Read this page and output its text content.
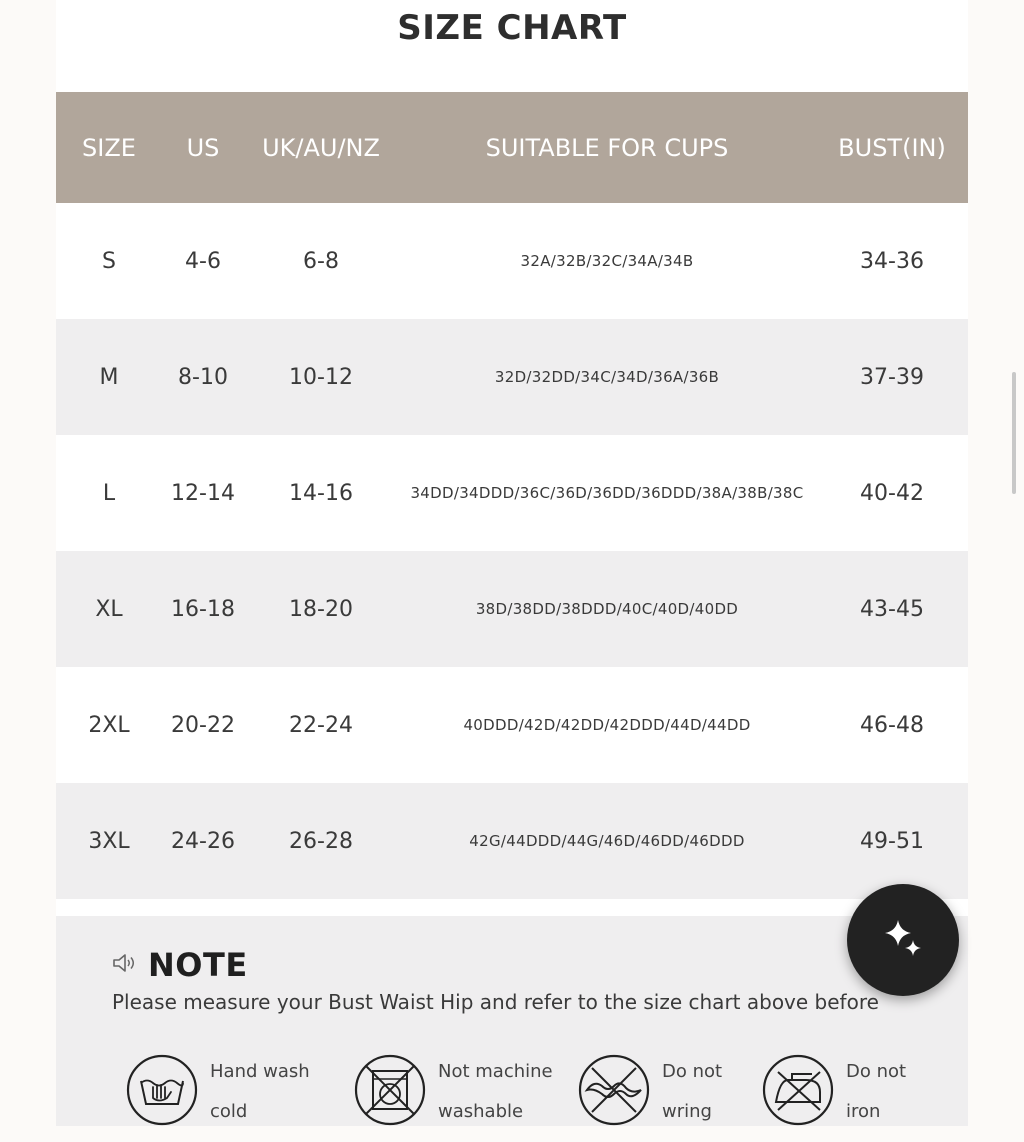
SIZE CHART
SIZE	US	UK/AU/NZ	SUITABLE FOR CUPS	BUST(IN)
S	4-6	6-8	32A/32B/32C/34A/34B	34-36
M	8-10	10-12	32D/32DD/34C/34D/36A/36B	37-39
L	12-14	14-16	34DD/34DDD/36C/36D/36DD/36DDD/38A/38B/38C	40-42
XL	16-18	18-20	38D/38DD/38DDD/40C/40D/40DD	43-45
2XL	20-22	22-24	40DDD/42D/42DD/42DDD/44D/44DD	46-48
3XL	24-26	26-28	42G/44DDD/44G/46D/46DD/46DDD	49-51
NOTE
Please measure your Bust Waist Hip and refer to the size chart above before

Hand wash

cold

Not machine

washable

Do not

wring

Do not

iron
